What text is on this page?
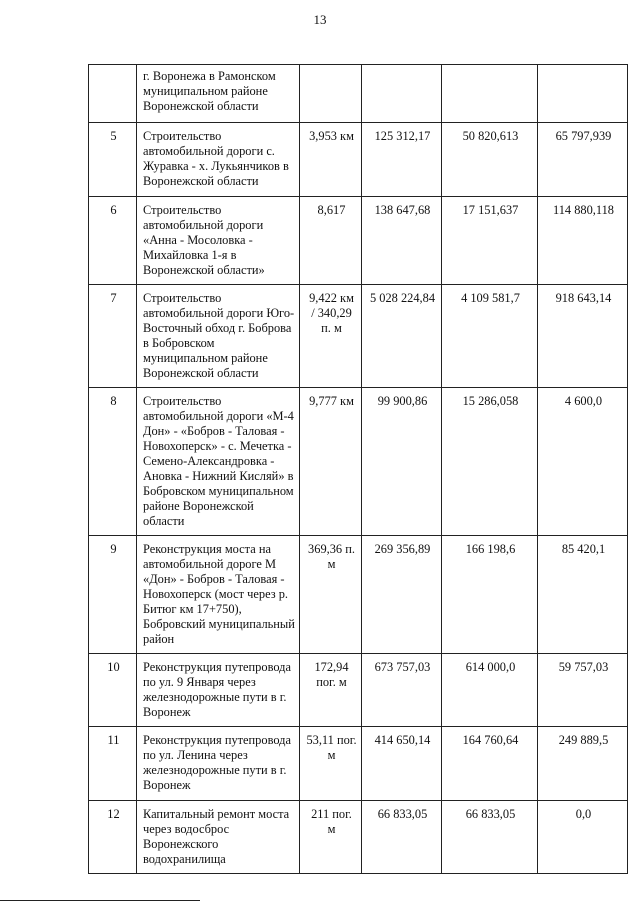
13
	г. Воронежа в Рамонском муниципальном районе Воронежской области				
5	Строительство автомобильной дороги с. Журавка - х. Лукьянчиков в Воронежской области	3,953 км	125 312,17	50 820,613	65 797,939
6	Строительство автомобильной дороги «Анна - Мосоловка - Михайловка 1-я в Воронежской области»	8,617	138 647,68	17 151,637	114 880,118
7	Строительство автомобильной дороги Юго-Восточный обход г. Боброва в Бобровском муниципальном районе Воронежской области	9,422 км / 340,29 п. м	5 028 224,84	4 109 581,7	918 643,14
8	Строительство автомобильной дороги «М-4 Дон» - «Бобров - Таловая - Новохоперск» - с. Мечетка - Семено-Александровка - Ановка - Нижний Кисляй» в Бобровском муниципальном районе Воронежской области	9,777 км	99 900,86	15 286,058	4 600,0
9	Реконструкция моста на автомобильной дороге М «Дон» - Бобров - Таловая - Новохоперск (мост через р. Битюг км 17+750), Бобровский муниципальный район	369,36 п. м	269 356,89	166 198,6	85 420,1
10	Реконструкция путепровода по ул. 9 Января через железнодорожные пути в г. Воронеж	172,94 пог. м	673 757,03	614 000,0	59 757,03
11	Реконструкция путепровода по ул. Ленина через железнодорожные пути в г. Воронеж	53,11 пог. м	414 650,14	164 760,64	249 889,5
12	Капитальный ремонт моста через водосброс Воронежского водохранилища	211 пог. м	66 833,05	66 833,05	0,0
